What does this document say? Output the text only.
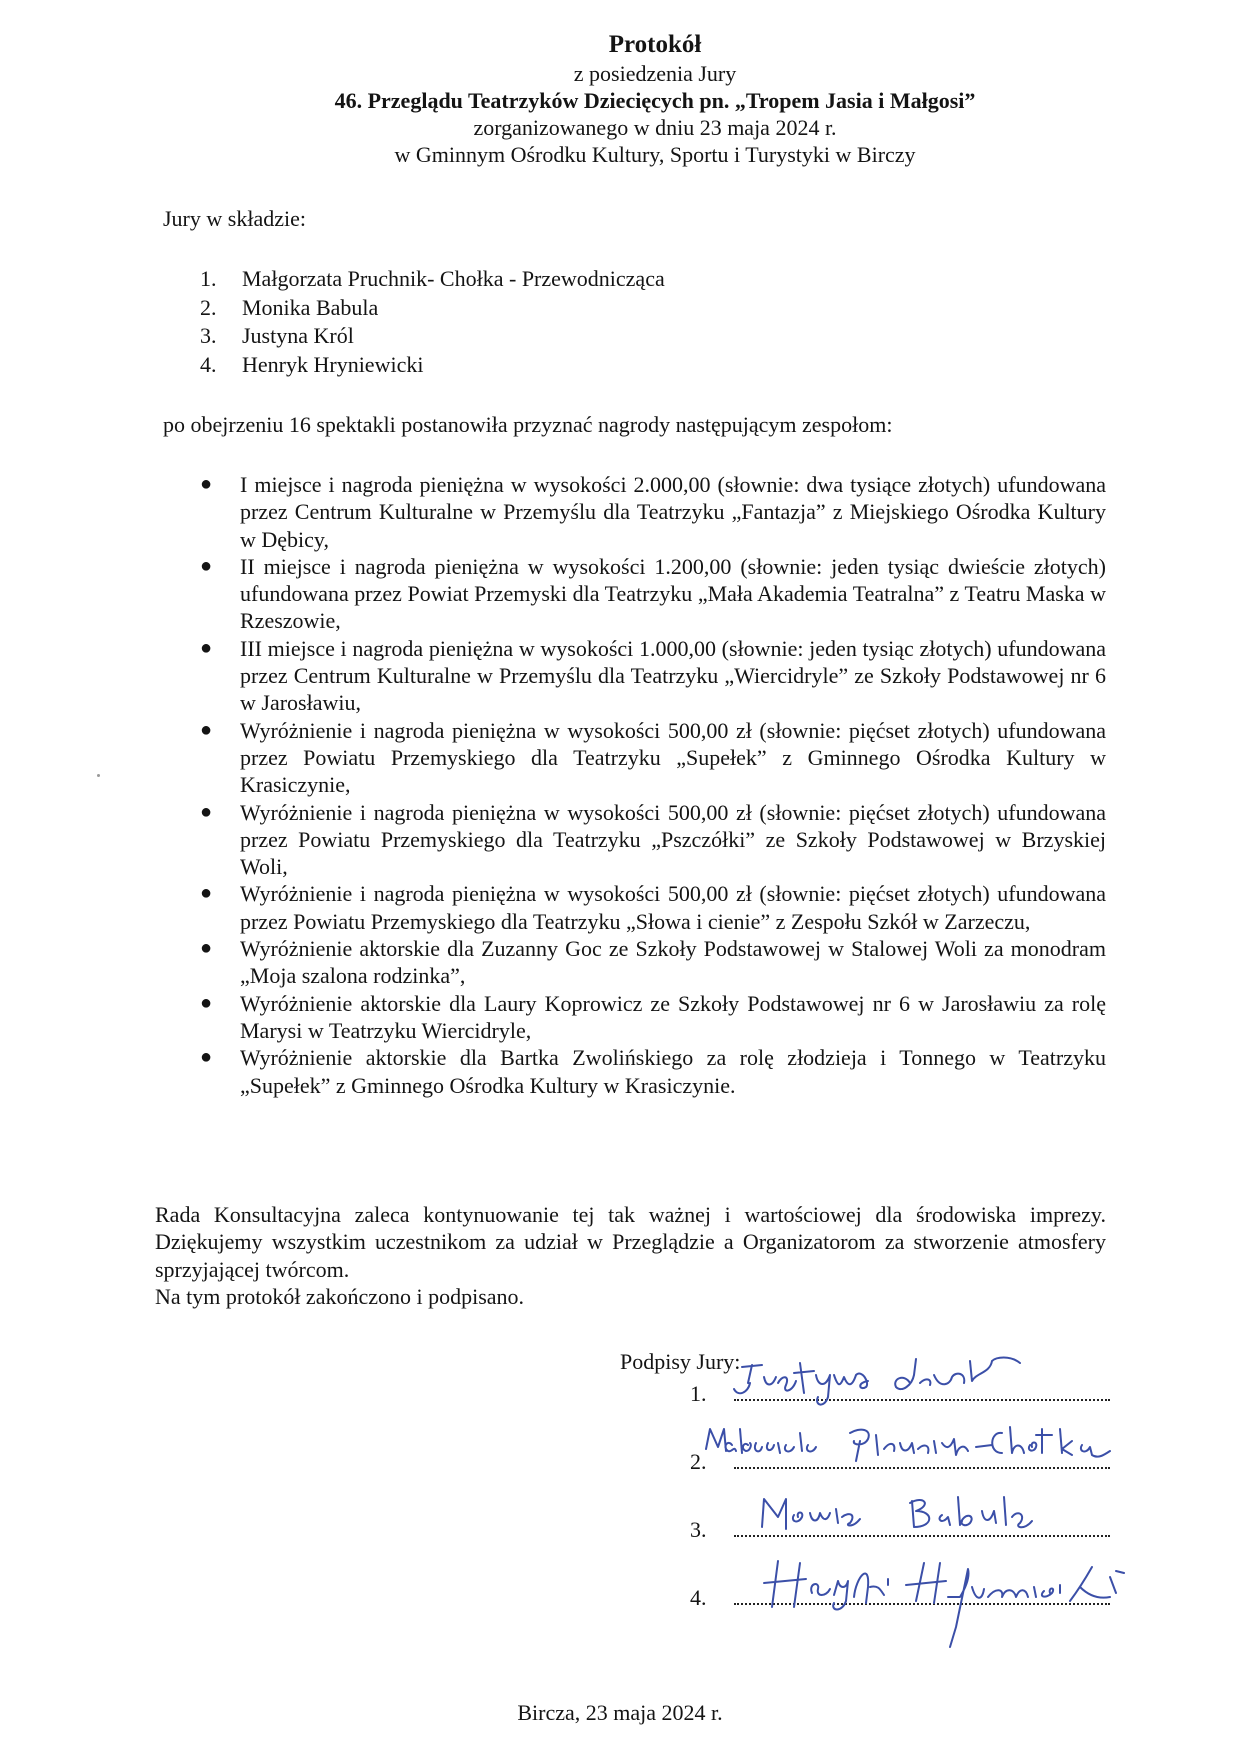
Protokół
z posiedzenia Jury
46. Przeglądu Teatrzyków Dziecięcych pn. „Tropem Jasia i Małgosi”
zorganizowanego w dniu 23 maja 2024 r.
w Gminnym Ośrodku Kultury, Sportu i Turystyki w Birczy
Jury w składzie:
1.	Małgorzata Pruchnik- Chołka - Przewodnicząca
2.	Monika Babula
3.	Justyna Król
4.	Henryk Hryniewicki
po obejrzeniu 16 spektakli postanowiła przyznać nagrody następującym zespołom:
●	I miejsce i nagroda pieniężna w wysokości 2.000,00 (słownie: dwa tysiące złotych) ufundowana przez Centrum Kulturalne w Przemyślu dla Teatrzyku „Fantazja” z Miejskiego Ośrodka Kultury w Dębicy,
●	II miejsce i nagroda pieniężna w wysokości 1.200,00 (słownie: jeden tysiąc dwieście złotych) ufundowana przez Powiat Przemyski dla Teatrzyku „Mała Akademia Teatralna” z Teatru Maska w Rzeszowie,
●	III miejsce i nagroda pieniężna w wysokości 1.000,00 (słownie: jeden tysiąc złotych) ufundowana przez Centrum Kulturalne w Przemyślu dla Teatrzyku „Wiercidryle” ze Szkoły Podstawowej nr 6 w Jarosławiu,
●	Wyróżnienie i nagroda pieniężna w wysokości 500,00 zł (słownie: pięćset złotych) ufundowana przez Powiatu Przemyskiego dla Teatrzyku „Supełek” z Gminnego Ośrodka Kultury w Krasiczynie,
●	Wyróżnienie i nagroda pieniężna w wysokości 500,00 zł (słownie: pięćset złotych) ufundowana przez Powiatu Przemyskiego dla Teatrzyku „Pszczółki” ze Szkoły Podstawowej w Brzyskiej Woli,
●	Wyróżnienie i nagroda pieniężna w wysokości 500,00 zł (słownie: pięćset złotych) ufundowana przez Powiatu Przemyskiego dla Teatrzyku „Słowa i cienie” z Zespołu Szkół w Zarzeczu,
●	Wyróżnienie aktorskie dla Zuzanny Goc ze Szkoły Podstawowej w Stalowej Woli za monodram „Moja szalona rodzinka”,
●	Wyróżnienie aktorskie dla Laury Koprowicz ze Szkoły Podstawowej nr 6 w Jarosławiu za rolę Marysi w Teatrzyku Wiercidryle,
●	Wyróżnienie aktorskie dla Bartka Zwolińskiego za rolę złodzieja i Tonnego w Teatrzyku „Supełek” z Gminnego Ośrodka Kultury w Krasiczynie.

Rada Konsultacyjna zaleca kontynuowanie tej tak ważnej i wartościowej dla środowiska imprezy. Dziękujemy wszystkim uczestnikom za udział w Przeglądzie a Organizatorom za stworzenie atmosfery sprzyjającej twórcom.

Na tym protokół zakończono i podpisano.

Podpisy Jury:
1.
2.
3.
4.
Bircza, 23 maja 2024 r.
